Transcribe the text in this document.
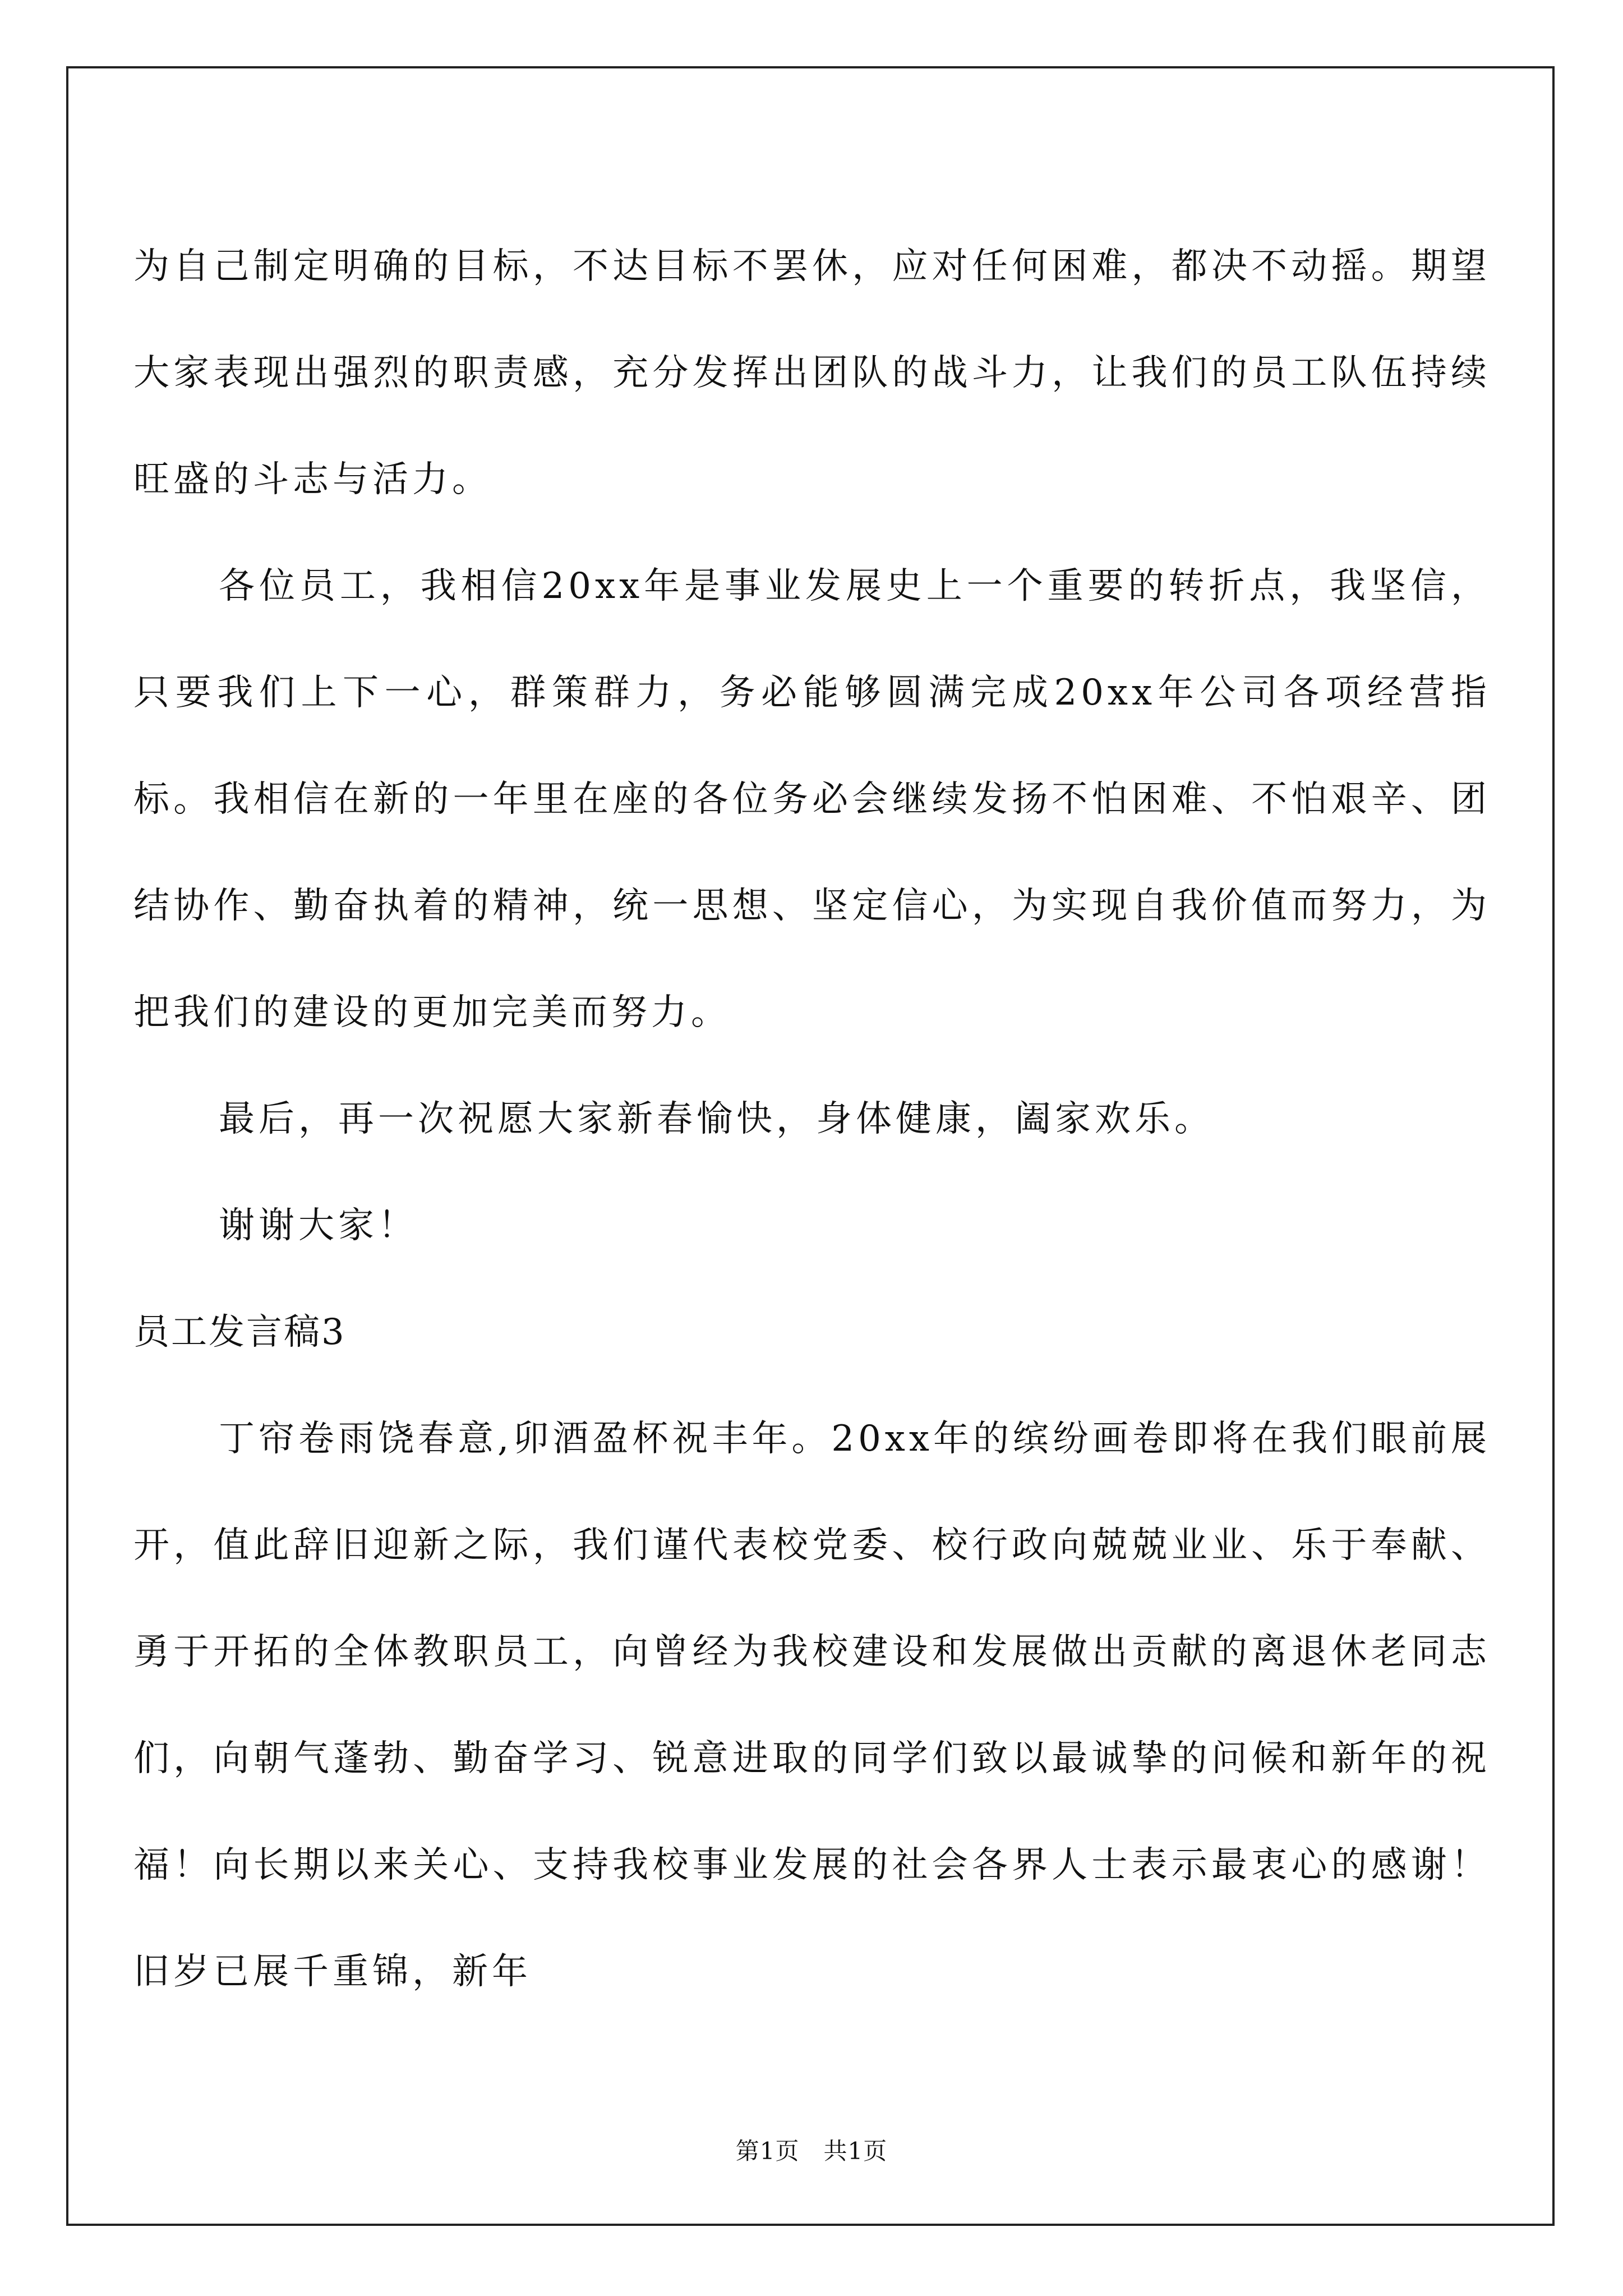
为自己制定明确的目标，不达目标不罢休，应对任何困难，都决不动摇。期望大家表现出强烈的职责感，充分发挥出团队的战斗力，让我们的员工队伍持续旺盛的斗志与活力。

各位员工，我相信20xx年是事业发展史上一个重要的转折点，我坚信，只要我们上下一心，群策群力，务必能够圆满完成20xx年公司各项经营指标。我相信在新的一年里在座的各位务必会继续发扬不怕困难、不怕艰辛、团结协作、勤奋执着的精神，统一思想、坚定信心，为实现自我价值而努力，为把我们的建设的更加完美而努力。

最后，再一次祝愿大家新春愉快，身体健康，阖家欢乐。

谢谢大家！

员工发言稿3

丁帘卷雨饶春意,卯酒盈杯祝丰年。20xx年的缤纷画卷即将在我们眼前展开，值此辞旧迎新之际，我们谨代表校党委、校行政向兢兢业业、乐于奉献、勇于开拓的全体教职员工，向曾经为我校建设和发展做出贡献的离退休老同志们，向朝气蓬勃、勤奋学习、锐意进取的同学们致以最诚挚的问候和新年的祝福！向长期以来关心、支持我校事业发展的社会各界人士表示最衷心的感谢！旧岁已展千重锦，新年

第1页　共1页
